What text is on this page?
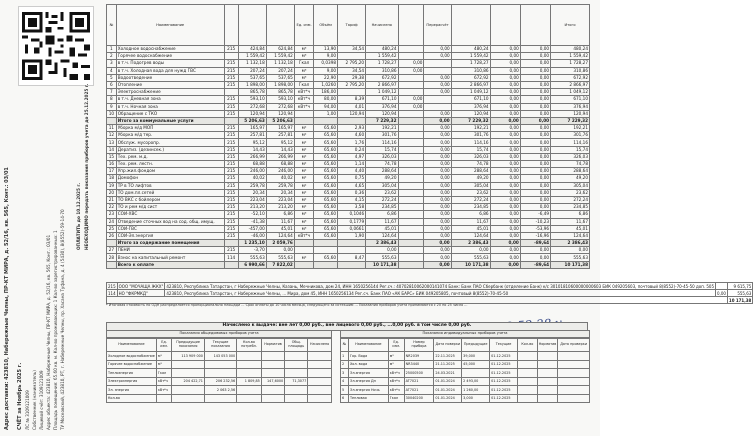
Адрес доставки: 423810, Набережные Челны, ПР-КТ МИРА, д. 52/16, кв. 565, Конт.: 03/01 СЧЁТ за Ноябрь 2025 г. ЛС № 3109121009 Собственник (наниматель) Лицевой счёт: 3109121009 Адрес объекта: 423810, Набережные Челны, ПР-КТ МИРА, д. 52/16, кв. 565, Конт.: 03/01 Площадь помещения: 65.60 кв. м. Кол-во проживающих: 1 Кол-во зарегистрированных: 1 ТУ Московский, 423810, РТ, г. Набережные Челны, пр. Хасана Туфана, д. 4 (5430), 8(8552)-59-14-70	ОПЛАТИТЬ до 10.12.2025 г. НЕОБХОДИМО передать показания приборов учета до 25.12.2025 г.
№	Наименование				Ед. изм.	Объём	Тариф	Начислено		Перерасчёт				Итого
1	Холодное водоснабжение	215	424,84	624,84	м³	13,90	34,54	480,24		0,00	480,24	0,00	0,00	480,24
2	Горячее водоснабжение		1 559,42	1 559,42	м³	9,00		1 559,42		0,00	1 559,42	0,00	0,00	1 559,42
3	в т.ч. Подогрев воды	215	1 132,18	1 132,18	Гкал	0,0398	2 795,20	1 728,27	0,00		1 728,27	0,00	0,00	1 728,27
4	в т.ч. Холодная вода для нужд ГВС	215	207,24	207,24	м³	9,00	34,54	310,86	0,00		310,86	0,00	0,00	310,86
5	Водоотведение	215	537,65	537,65	м³	22,90	29,38	672,92		0,00	672,92	0,00	0,00	672,92
6	Отопление	215	1 898,00	1 898,00	Гкал	1,0260	2 795,20	2 866,97		0,00	2 866,97	0,00	0,00	2 866,97
7	Электроснабжение		865,78	865,78	кВт*ч	186,00		1 049,12		0,00	1 049,12	0,00	0,00	1 049,12
8	в т.ч. Дневная зона	215	593,10	593,10	кВт*ч	80,00	8,39	671,10	0,00		671,10	0,00	0,00	671,10
9	в т.ч. Ночная зона	215	272,68	272,68	кВт*ч	94,00	4,01	376,94	0,00		376,94	0,00	0,00	376,94
10	Обращение с ТКО	215	120,94	120,94		1,00	120,94	120,94		0,00	120,94	0,00	0,00	120,94
	Итого за коммунальные услуги		5 206,63	5 206,63				7 229,32		0,00	7 229,32	0,00	0,00	7 229,32
11	Уборка м/д МОП	215	165,97	165,97	м²	65,60	2,93	192,21		0,00	192,21	0,00	0,00	192,21
12	Уборка м/д тер.	215	257,81	257,81	м²	65,60	4,60	301,76		0,00	301,76	0,00	0,00	301,76
13	Обслуж. мусоропр.	215	95,12	95,12	м²	65,60	1,76	114,16		0,00	114,16	0,00	0,00	114,16
14	Дератиз. (дезинсек.)	215	14,43	14,43	м²	65,60	0,24	15,74		0,00	15,74	0,00	0,00	15,74
15	Тех. рем. м.д.	215	266,99	266,99	м²	65,60	4,97	326,03		0,00	326,03	0,00	0,00	326,03
16	Тех. рем. лестн.	215	68,88	68,88	м²	65,60	1,14	74,78		0,00	74,78	0,00	0,00	74,78
17	Упр.жил.фондом	215	246,00	246,00	м²	65,60	4,40	288,64		0,00	288,64	0,00	0,00	288,64
18	Домофон	215	40,02	40,02	м²	65,60	0,75	49,20		0,00	49,20	0,00	0,00	49,20
19	ТР в ТО лифтов	215	259,78	259,78	м²	65,60	4,65	305,04		0,00	305,04	0,00	0,00	305,04
20	ТО дом.пл.сетей	215	20,34	20,34	м²	65,60	0,36	23,62		0,00	23,62	0,00	0,00	23,62
21	ТО ВКС с бойлером	215	223,04	223,04	м²	65,60	4,15	272,24		0,00	272,24	0,00	0,00	272,24
22	ТО и рем м/д сист	215	213,20	213,20	м²	65,60	3,58	234,85		0,00	234,85	0,00	0,00	234,85
23	СОИ-ХВС	215	-52,10	6,86	м³	65,60	0,1046	6,86		0,00	6,86	0,00	-6,49	6,86
24	Отведение сточных вод на сод. общ. имущ.	215	-41,38	11,67	м³	65,60	0,1779	11,67		0,00	11,67	0,00	-10,23	11,67
25	СОИ-ГВС	215	-457,00	45,01	м³	65,60	0,0661	45,01		0,00	45,01	0,00	-53,96	45,01
26	СОИ-Эл.энергия	215	-46,00	124,64	кВт*ч	65,60	1,90	124,64		0,00	124,64	0,00	-16,96	124,64
	Итого за содержание помещения		1 235,10	2 059,76				2 386,43		0,00	2 386,43	0,00	-89,64	2 386,43
27	ПЕНИ	215	-3,70	0,00				0,00		0,00	0,00	0,00	0,00	0,00
28	Взнос на капитальный ремонт	114	555,63	555,63	м²	65,60	8,47	555,63		0,00	555,63	0,00	0,00	555,63
	Всего к оплате		6 990,66	7 822,02				10 171,38		0,00	10 171,38	0,00	-89,64	10 171,38
215	ООО "МОЧАЩА ЖКХ"	423810, Республика Татарстан, г Набережные Челны, Казань, Мечникова, дом 24, ИНН 1650256144 Рег.сч.: 40702810062000141074 Банк: Банк ПАО Сбербанк (отделение Банк) к/с 30101810600000000603 БИК 049205603, почтовый 8(8552)-70-45-50 доп. 505		9 615,75
114	НО "ФКРМКД"	423810, Республика Татарстан, г Набережные Челны, ... Мира, дом 45, ИНН 1650256134 Рег.сч. Банк ПАО «АК БАРС» БИК 049205805, почтовый 8(8552)-70-45-50	0,00	555,63
				10 171,38
* Итоговая стоимость по ОДН распределяется пропорционально площади ... Срок оплаты до 10 числа месяца, следующего за истекшим ... Показания приборов учета принимаются с 20 по 25 число ...
Начислено к выдаче: вне лет 0,00 руб., вне лицевого 0,00 руб., ...0,00 руб. в том числе 0,00 руб.
Показания общедомовых приборов учета
Наименование	Ед. изм.	Предыдущие показания	Текущие показания	Кол-во потребл.	Норматив	Общ. площадь	Начислено
Холодное водоснабжение	м³	113 909 000	143 053 000				
Горячее водоснабжение	м³						
Теплоэнергия	Гкал						
Электроэнергия	кВт*ч	204 422,71	206 232,56	1 809,85	147,6000	71,3077	
Эл. энергия	кВт*ч		2 063 2,56				
Кол-во							
Показания индивидуальных приборов учета
№	Наименование	Ед. изм.	Номер прибора	Дата поверки	Предыдущие	Текущие	Кол-во	Норматив	Дата проверки
1	Гор. Вода	м³	NR2039	22.11.2025	39,000	01.12.2025			
2	Хол. вода	м³	NR3440	21.11.2025	45,000	01.12.2025			
3	Эл.энергия	кВт*ч	25000500	24.03.2021		01.12.2025			
4	Эл.энергия Дн	кВт*ч	AT7021	01.01.2024	2 493,00	01.12.2025			
5	Эл.энергия Ночь	кВт*ч	AT7021	01.01.2024	1 260,00	01.12.2025			
6	Тепловая	Гкал	30040200	01.01.2024	3,000	01.12.2025			
